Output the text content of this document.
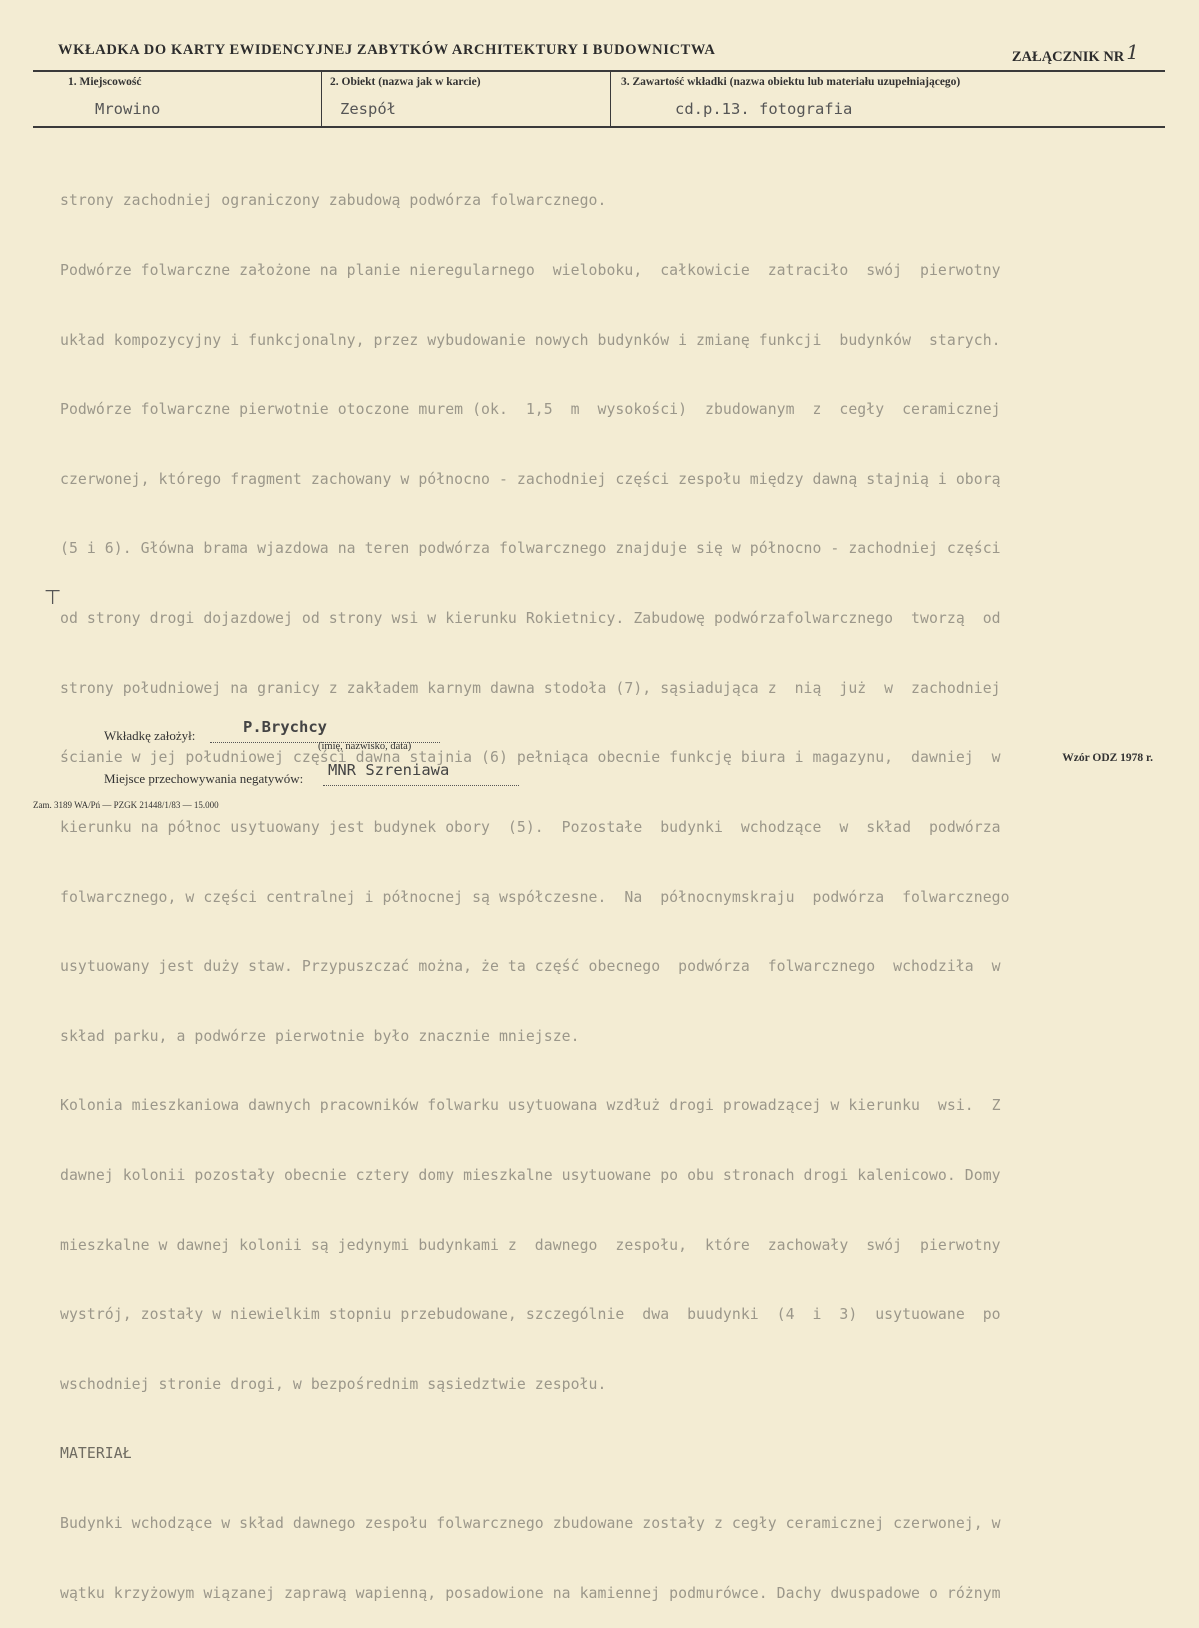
WKŁADKA DO KARTY EWIDENCYJNEJ ZABYTKÓW ARCHITEKTURY I BUDOWNICTWA	ZAŁĄCZNIK NR 1
1. Miejscowość	2. Obiekt (nazwa jak w karcie)	3. Zawartość wkładki (nazwa obiektu lub materiału uzupełniającego)
Mrowino	Zespół	cd.p.13. fotografia

strony zachodniej ograniczony zabudową podwórza folwarcznego.

Podwórze folwarczne założone na planie nieregularnego  wieloboku,  całkowicie  zatraciło  swój  pierwotny

układ kompozycyjny i funkcjonalny, przez wybudowanie nowych budynków i zmianę funkcji  budynków  starych.

Podwórze folwarczne pierwotnie otoczone murem (ok.  1,5  m  wysokości)  zbudowanym  z  cegły  ceramicznej

czerwonej, którego fragment zachowany w północno - zachodniej części zespołu między dawną stajnią i oborą

(5 i 6). Główna brama wjazdowa na teren podwórza folwarcznego znajduje się w północno - zachodniej części

od strony drogi dojazdowej od strony wsi w kierunku Rokietnicy. Zabudowę podwórzafolwarcznego  tworzą  od

strony południowej na granicy z zakładem karnym dawna stodoła (7), sąsiadująca z  nią  już  w  zachodniej

ścianie w jej południowej części dawna stajnia (6) pełniąca obecnie funkcję biura i magazynu,  dawniej  w

kierunku na północ usytuowany jest budynek obory  (5).  Pozostałe  budynki  wchodzące  w  skład  podwórza

folwarcznego, w części centralnej i północnej są współczesne.  Na  północnymskraju  podwórza  folwarcznego

usytuowany jest duży staw. Przypuszczać można, że ta część obecnego  podwórza  folwarcznego  wchodziła  w

skład parku, a podwórze pierwotnie było znacznie mniejsze.

Kolonia mieszkaniowa dawnych pracowników folwarku usytuowana wzdłuż drogi prowadzącej w kierunku  wsi.  Z

dawnej kolonii pozostały obecnie cztery domy mieszkalne usytuowane po obu stronach drogi kalenicowo. Domy

mieszkalne w dawnej kolonii są jedynymi budynkami z  dawnego  zespołu,  które  zachowały  swój  pierwotny

wystrój, zostały w niewielkim stopniu przebudowane, szczególnie  dwa  buudynki  (4  i  3)  usytuowane  po

wschodniej stronie drogi, w bezpośrednim sąsiedztwie zespołu.

MATERIAŁ

Budynki wchodzące w skład dawnego zespołu folwarcznego zbudowane zostały z cegły ceramicznej czerwonej, w

wątku krzyżowym wiązanej zaprawą wapienną, posadowione na kamiennej podmurówce. Dachy dwuspadowe o różnym

⊤
Wkładkę założył:	P.Brychcy
(imię, nazwisko, data)
Miejsce przechowywania negatywów: MNR Szreniawa
Wzór ODZ 1978 r.
Zam. 3189 WA/Pń — PZGK 21448/1/83 — 15.000
